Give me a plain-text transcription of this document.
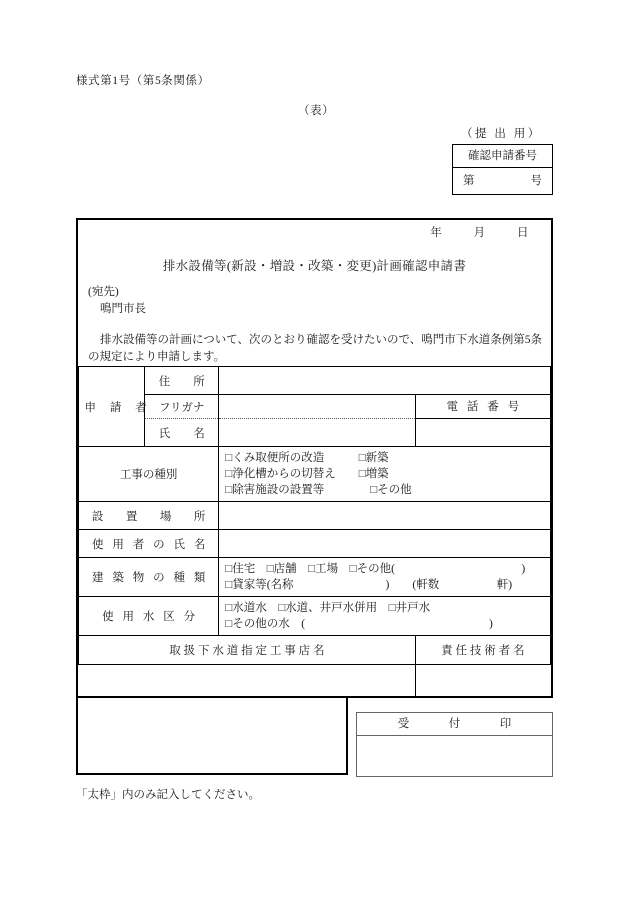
様式第1号（第5条関係）
（表）
（提 出 用）
確認申請番号
第	号
年	月	日
排水設備等(新設・増設・改築・変更)計画確認申請書
(宛先)
鳴門市長
排水設備等の計画について、次のとおり確認を受けたいので、鳴門市下水道条例第5条の規定により申請します。
申 請 者	住　　所		

	フリガナ		電 話 番 号

	氏　　名		

工事の種別		□くみ取便所の改造　　　□新築
□浄化槽からの切替え　　□増築
□除害施設の設置等　　　　□その他	

設　置　場　所			

使 用 者 の 氏 名			

建 築 物 の 種 類		□住宅　□店舗　□工場　□その他(　　　　　　　　　　　)
□貸家等(名称　　　　　　　　)　　(軒数　　　　　軒)	

使 用 水 区 分		□水道水　□水道、井戸水併用　□井戸水
□その他の水　(　　　　　　　　　　　　　　　　)	

取 扱 下 水 道 指 定 工 事 店 名			責 任 技 術 者 名

受　付　印
「太枠」内のみ記入してください。
